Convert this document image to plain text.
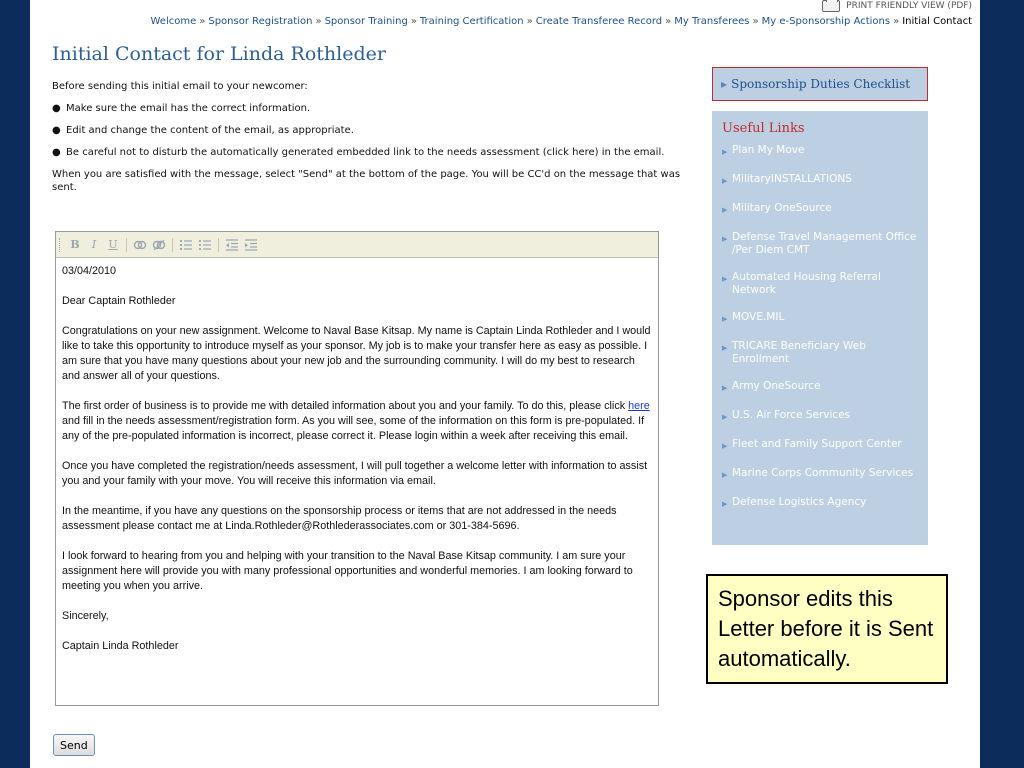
PRINT FRIENDLY VIEW (PDF)
Welcome » Sponsor Registration » Sponsor Training » Training Certification » Create Transferee Record » My Transferees » My e-Sponsorship Actions » Initial Contact
Initial Contact for Linda Rothleder

Before sending this initial email to your newcomer:

● Make sure the email has the correct information.
● Edit and change the content of the email, as appropriate.
● Be careful not to disturb the automatically generated embedded link to the needs assessment (click here) in the email.

When you are satisfied with the message, select "Send" at the bottom of the page. You will be CC'd on the message that was sent.

B	I	U

03/04/2010

Dear Captain Rothleder

Congratulations on your new assignment. Welcome to Naval Base Kitsap. My name is Captain Linda Rothleder and I would like to take this opportunity to introduce myself as your sponsor. My job is to make your transfer here as easy as possible. I am sure that you have many questions about your new job and the surrounding community. I will do my best to research and answer all of your questions.

The first order of business is to provide me with detailed information about you and your family. To do this, please click here and fill in the needs assessment/registration form. As you will see, some of the information on this form is pre-populated. If any of the pre-populated information is incorrect, please correct it. Please login within a week after receiving this email.

Once you have completed the registration/needs assessment, I will pull together a welcome letter with information to assist you and your family with your move. You will receive this information via email.

In the meantime, if you have any questions on the sponsorship process or items that are not addressed in the needs assessment please contact me at Linda.Rothleder@Rothlederassociates.com or 301-384-5696.

I look forward to hearing from you and helping with your transition to the Naval Base Kitsap community. I am sure your assignment here will provide you with many professional opportunities and wonderful memories. I am looking forward to meeting you when you arrive.

Sincerely,

Captain Linda Rothleder

Send
▶ Sponsorship Duties Checklist
Useful Links
▶ Plan My Move
▶ MilitaryINSTALLATIONS
▶ Military OneSource
▶ Defense Travel Management Office /Per Diem CMT
▶ Automated Housing Referral Network
▶ MOVE.MIL
▶ TRICARE Beneficiary Web Enrollment
▶ Army OneSource
▶ U.S. Air Force Services
▶ Fleet and Family Support Center
▶ Marine Corps Community Services
▶ Defense Logistics Agency
Sponsor edits this Letter before it is Sent automatically.
